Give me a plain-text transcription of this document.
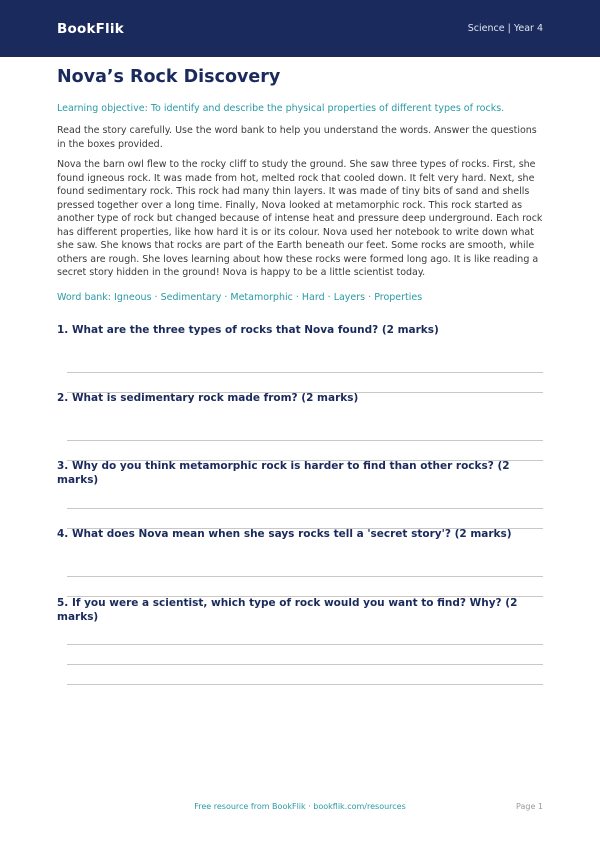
BookFlik	Science | Year 4
Nova’s Rock Discovery

Learning objective: To identify and describe the physical properties of different types of rocks.

Read the story carefully. Use the word bank to help you understand the words. Answer the questions in the boxes provided.

Nova the barn owl flew to the rocky cliff to study the ground. She saw three types of rocks. First, she found igneous rock. It was made from hot, melted rock that cooled down. It felt very hard. Next, she found sedimentary rock. This rock had many thin layers. It was made of tiny bits of sand and shells pressed together over a long time. Finally, Nova looked at metamorphic rock. This rock started as another type of rock but changed because of intense heat and pressure deep underground. Each rock has different properties, like how hard it is or its colour. Nova used her notebook to write down what she saw. She knows that rocks are part of the Earth beneath our feet. Some rocks are smooth, while others are rough. She loves learning about how these rocks were formed long ago. It is like reading a secret story hidden in the ground! Nova is happy to be a little scientist today.

Word bank: Igneous · Sedimentary · Metamorphic · Hard · Layers · Properties

1. What are the three types of rocks that Nova found? (2 marks)
2. What is sedimentary rock made from? (2 marks)
3. Why do you think metamorphic rock is harder to find than other rocks? (2 marks)
4. What does Nova mean when she says rocks tell a 'secret story'? (2 marks)
5. If you were a scientist, which type of rock would you want to find? Why? (2 marks)
Free resource from BookFlik · bookflik.com/resources	Page 1
